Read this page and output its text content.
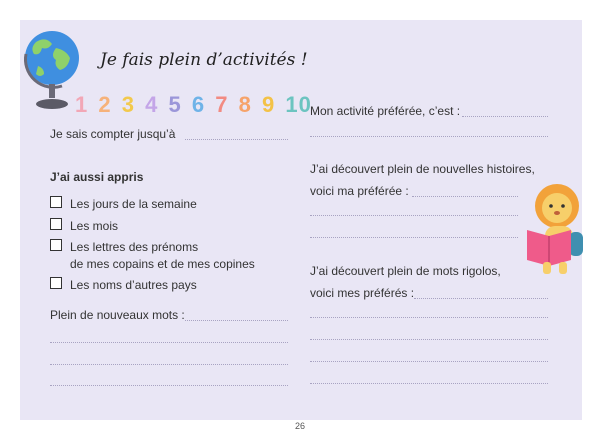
Je fais plein d’activités !
1 2 3 4 5 6 7 8 9 10
Je sais compter jusqu’à
J’ai aussi appris
Les jours de la semaine
Les mois
Les lettres des prénoms
de mes copains et de mes copines
Les noms d’autres pays
Plein de nouveaux mots :
Mon activité préférée, c’est :
J’ai découvert plein de nouvelles histoires,
voici ma préférée :
J’ai découvert plein de mots rigolos,
voici mes préférés :
26
